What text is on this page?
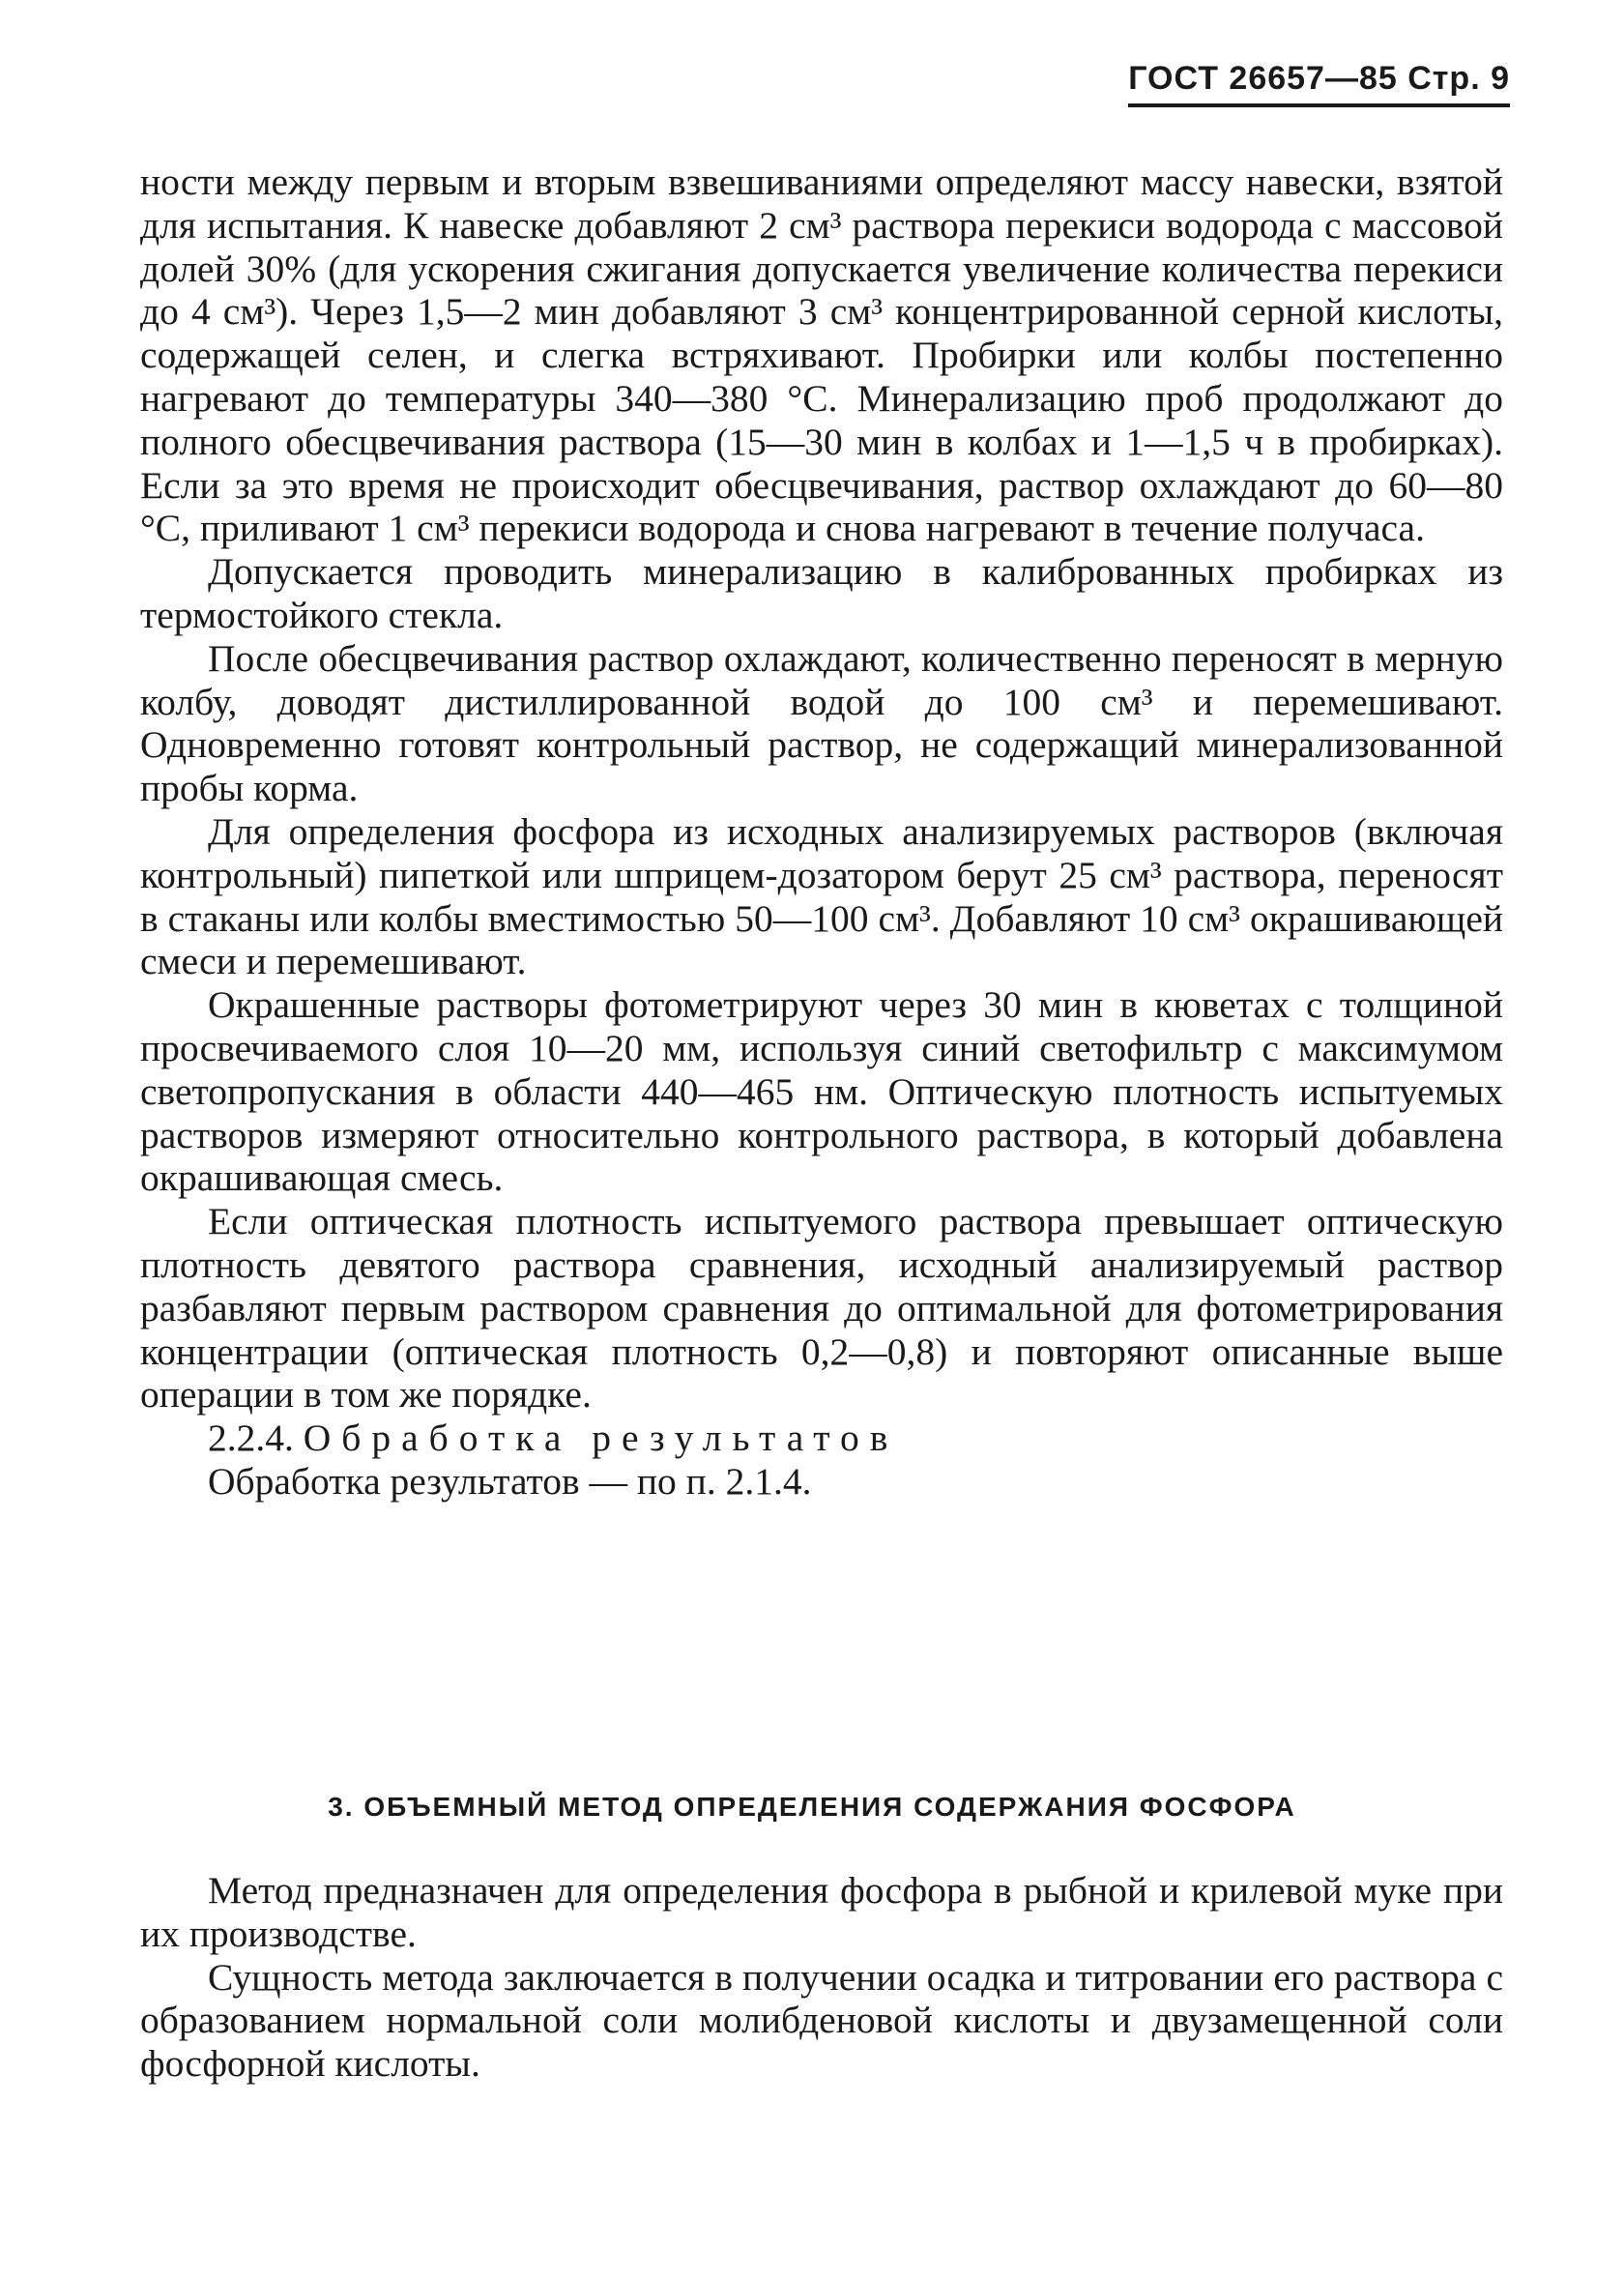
ГОСТ 26657—85 Стр. 9

ности между первым и вторым взвешиваниями определяют массу навески, взятой для испытания. К навеске добавляют 2 см³ раствора перекиси водорода с массовой долей 30% (для ускорения сжигания допускается увеличение количества перекиси до 4 см³). Через 1,5—2 мин добавляют 3 см³ концентрированной серной кислоты, содержащей селен, и слегка встряхивают. Пробирки или колбы постепенно нагревают до температуры 340—380 °С. Минерализацию проб продолжают до полного обесцвечивания раствора (15—30 мин в колбах и 1—1,5 ч в пробирках). Если за это время не происходит обесцвечивания, раствор охлаждают до 60—80 °С, приливают 1 см³ перекиси водорода и снова нагревают в течение получаса.

Допускается проводить минерализацию в калиброванных пробирках из термостойкого стекла.

После обесцвечивания раствор охлаждают, количественно переносят в мерную колбу, доводят дистиллированной водой до 100 см³ и перемешивают. Одновременно готовят контрольный раствор, не содержащий минерализованной пробы корма.

Для определения фосфора из исходных анализируемых растворов (включая контрольный) пипеткой или шприцем-дозатором берут 25 см³ раствора, переносят в стаканы или колбы вместимостью 50—100 см³. Добавляют 10 см³ окрашивающей смеси и перемешивают.

Окрашенные растворы фотометрируют через 30 мин в кюветах с толщиной просвечиваемого слоя 10—20 мм, используя синий светофильтр с максимумом светопропускания в области 440—465 нм. Оптическую плотность испытуемых растворов измеряют относительно контрольного раствора, в который добавлена окрашивающая смесь.

Если оптическая плотность испытуемого раствора превышает оптическую плотность девятого раствора сравнения, исходный анализируемый раствор разбавляют первым раствором сравнения до оптимальной для фотометрирования концентрации (оптическая плотность 0,2—0,8) и повторяют описанные выше операции в том же порядке.

2.2.4. Обработка результатов

Обработка результатов — по п. 2.1.4.

3. ОБЪЕМНЫЙ МЕТОД ОПРЕДЕЛЕНИЯ СОДЕРЖАНИЯ ФОСФОРА

Метод предназначен для определения фосфора в рыбной и крилевой муке при их производстве.

Сущность метода заключается в получении осадка и титровании его раствора с образованием нормальной соли молибденовой кислоты и двузамещенной соли фосфорной кислоты.
